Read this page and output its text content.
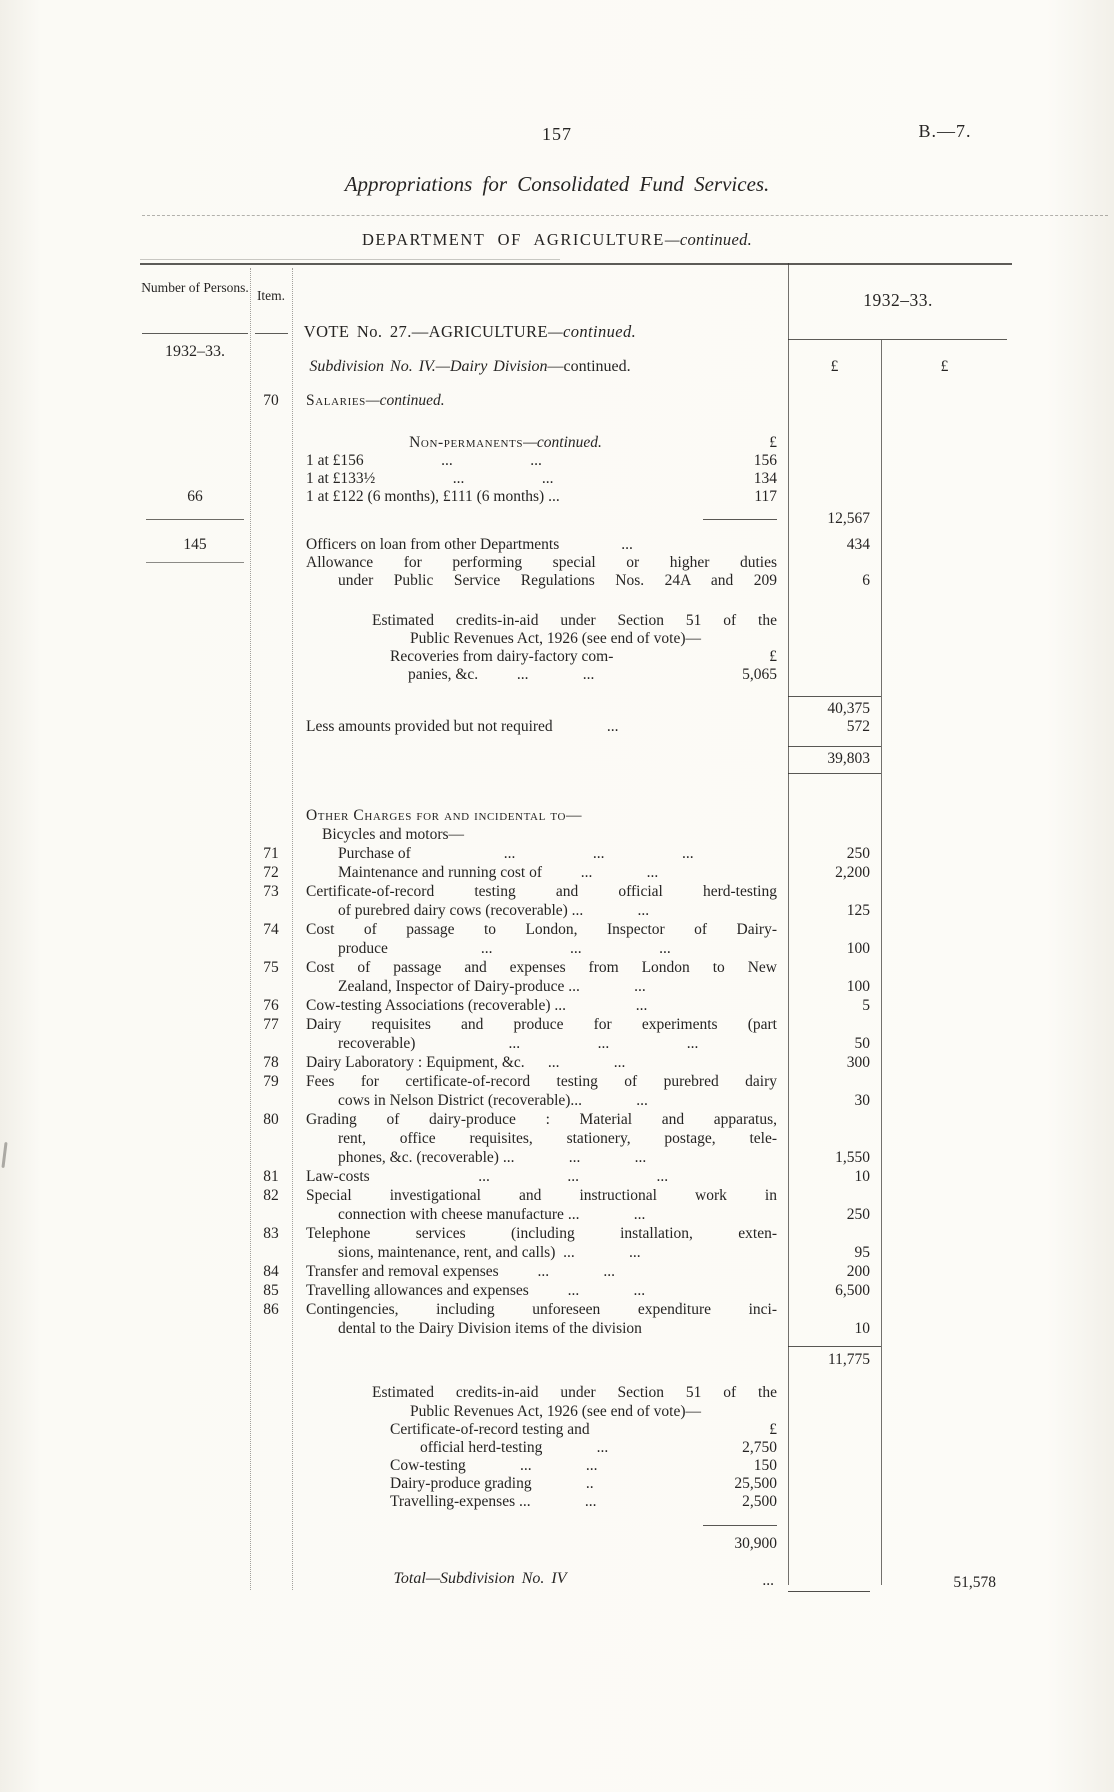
157	B.—7.
Appropriations for Consolidated Fund Services.
DEPARTMENT OF AGRICULTURE—continued.
Number of Persons.
Item.
1932–33.
1932–33.
£	£
VOTE No. 27.—AGRICULTURE—continued.
Subdivision No. IV.—Dairy Division—continued.
70	Salaries—continued.
Non-permanents—continued.	£
1 at £156     ...     ...	156
1 at £133½     ...     ...	134
66	1 at £122 (6 months), £111 (6 months) ...	117
12,567
145	Officers on loan from other Departments    ...	434
Allowance for performing special or higher duties
under Public Service Regulations Nos. 24A and 209	6
Estimated credits-in-aid under Section 51 of the
Public Revenues Act, 1926 (see end of vote)—
Recoveries from dairy-factory com-	£
panies, &c.   ...    ...	5,065
40,375
Less amounts provided but not required    ...	572
39,803
Other Charges for and incidental to—
Bicycles and motors—
71	Purchase of      ...     ...     ...	250
72	Maintenance and running cost of   ...    ...	2,200
73	Certificate-of-record testing and official herd-testing
of purebred dairy cows (recoverable) ...    ...	125
74	Cost of passage to London, Inspector of Dairy-
produce      ...     ...     ...	100
75	Cost of passage and expenses from London to New
Zealand, Inspector of Dairy-produce ...    ...	100
76	Cow-testing Associations (recoverable) ...     ...	5
77	Dairy requisites and produce for experiments (part
recoverable)      ...     ...     ...	50
78	Dairy Laboratory : Equipment, &c.  ...    ...	300
79	Fees for certificate-of-record testing of purebred dairy
cows in Nelson District (recoverable)...    ...	30
80	Grading of dairy-produce : Material and apparatus,
rent, office requisites, stationery, postage, tele-
phones, &c. (recoverable) ...    ...    ...	1,550
81	Law-costs       ...     ...     ...	10
82	Special investigational and instructional work in
connection with cheese manufacture ...    ...	250
83	Telephone services (including installation, exten-
sions, maintenance, rent, and calls) ...    ...	95
84	Transfer and removal expenses   ...    ...	200
85	Travelling allowances and expenses   ...    ...	6,500
86	Contingencies, including unforeseen expenditure inci-
dental to the Dairy Division items of the division	10
11,775
Estimated credits-in-aid under Section 51 of the
Public Revenues Act, 1926 (see end of vote)—
Certificate-of-record testing and	£
official herd-testing    ...	2,750
Cow-testing    ...    ...	150
Dairy-produce grading    ..	25,500
Travelling-expenses ...    ...	2,500
30,900
Total—Subdivision No. IV	...	51,578
